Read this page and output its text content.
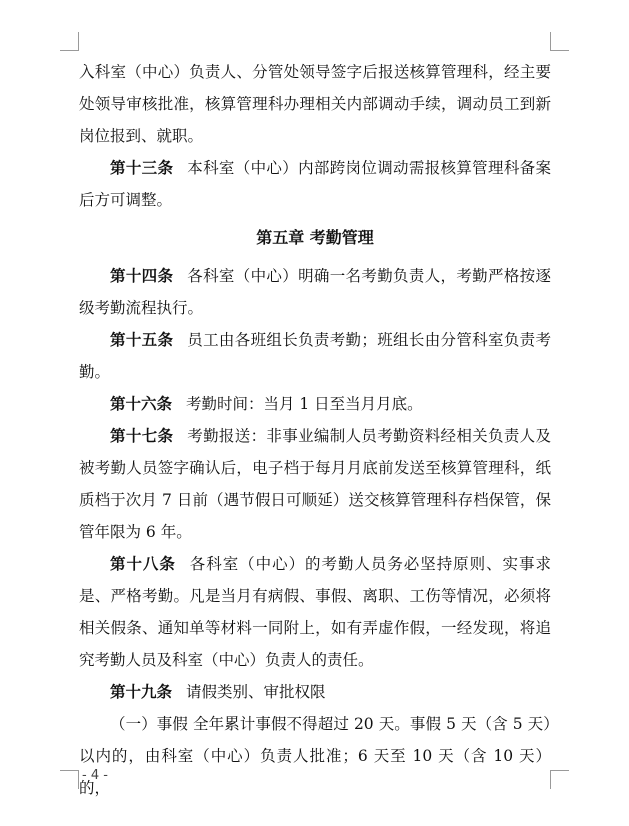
入科室（中心）负责人、分管处领导签字后报送核算管理科，经主要处领导审核批准，核算管理科办理相关内部调动手续，调动员工到新岗位报到、就职。

第十三条 本科室（中心）内部跨岗位调动需报核算管理科备案后方可调整。

第五章 考勤管理

第十四条 各科室（中心）明确一名考勤负责人，考勤严格按逐级考勤流程执行。

第十五条 员工由各班组长负责考勤；班组长由分管科室负责考勤。

第十六条 考勤时间：当月 1 日至当月月底。

第十七条 考勤报送：非事业编制人员考勤资料经相关负责人及被考勤人员签字确认后，电子档于每月月底前发送至核算管理科，纸质档于次月 7 日前（遇节假日可顺延）送交核算管理科存档保管，保管年限为 6 年。

第十八条 各科室（中心）的考勤人员务必坚持原则、实事求是、严格考勤。凡是当月有病假、事假、离职、工伤等情况，必须将相关假条、通知单等材料一同附上，如有弄虚作假，一经发现，将追究考勤人员及科室（中心）负责人的责任。

第十九条 请假类别、审批权限

（一）事假 全年累计事假不得超过 20 天。事假 5 天（含 5 天）以内的，由科室（中心）负责人批准；6 天至 10 天（含 10 天）的，

- 4 -
